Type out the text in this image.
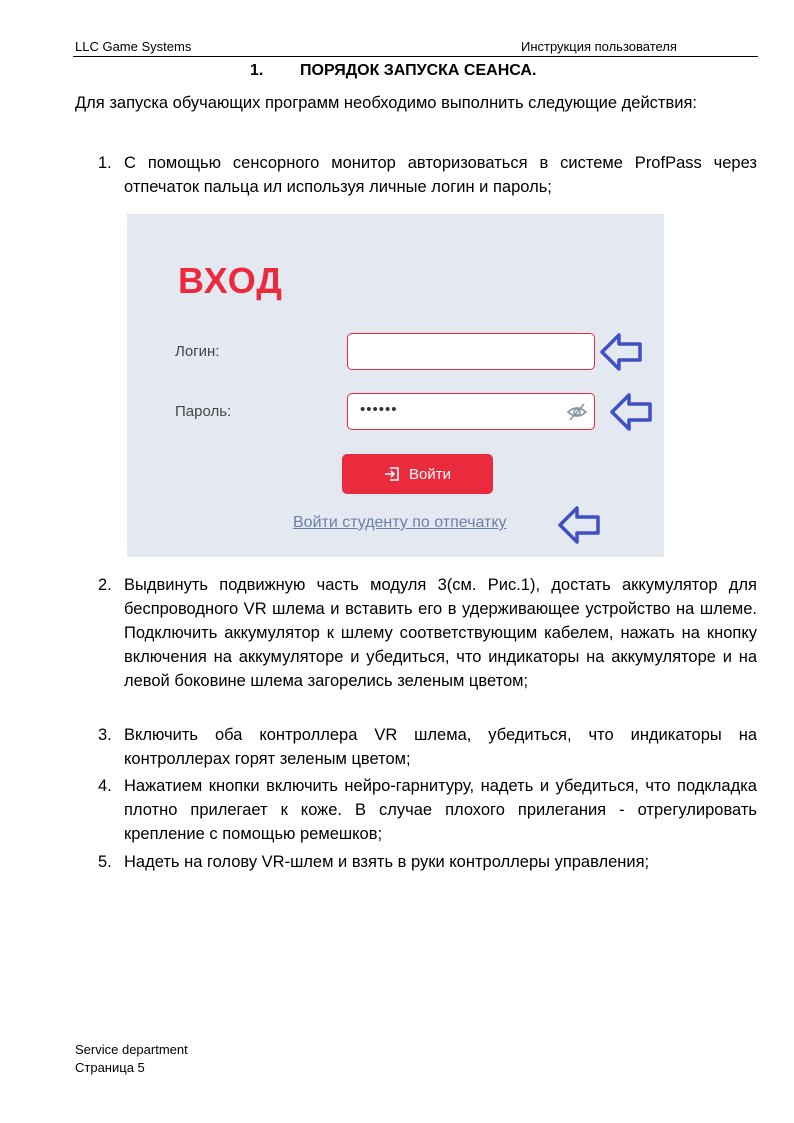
LLC Game Systems	Инструкция пользователя
1. ПОРЯДОК ЗАПУСКА СЕАНСА.
Для запуска обучающих программ необходимо выполнить следующие действия:
1. С помощью сенсорного монитор авторизоваться в системе ProfPass через отпечаток пальца ил используя личные логин и пароль;
ВХОД
Логин:
Пароль:	••••••
Войти
Войти студенту по отпечатку
2. Выдвинуть подвижную часть модуля 3(см. Рис.1), достать аккумулятор для беспроводного VR шлема и вставить его в удерживающее устройство на шлеме. Подключить аккумулятор к шлему соответствующим кабелем, нажать на кнопку включения на аккумуляторе и убедиться, что индикаторы на аккумуляторе и на левой боковине шлема загорелись зеленым цветом;
3. Включить оба контроллера VR шлема, убедиться, что индикаторы на контроллерах горят зеленым цветом;
4. Нажатием кнопки включить нейро-гарнитуру, надеть и убедиться, что подкладка плотно прилегает к коже. В случае плохого прилегания - отрегулировать крепление с помощью ремешков;
5. Надеть на голову VR-шлем и взять в руки контроллеры управления;
Service department
Страница 5
